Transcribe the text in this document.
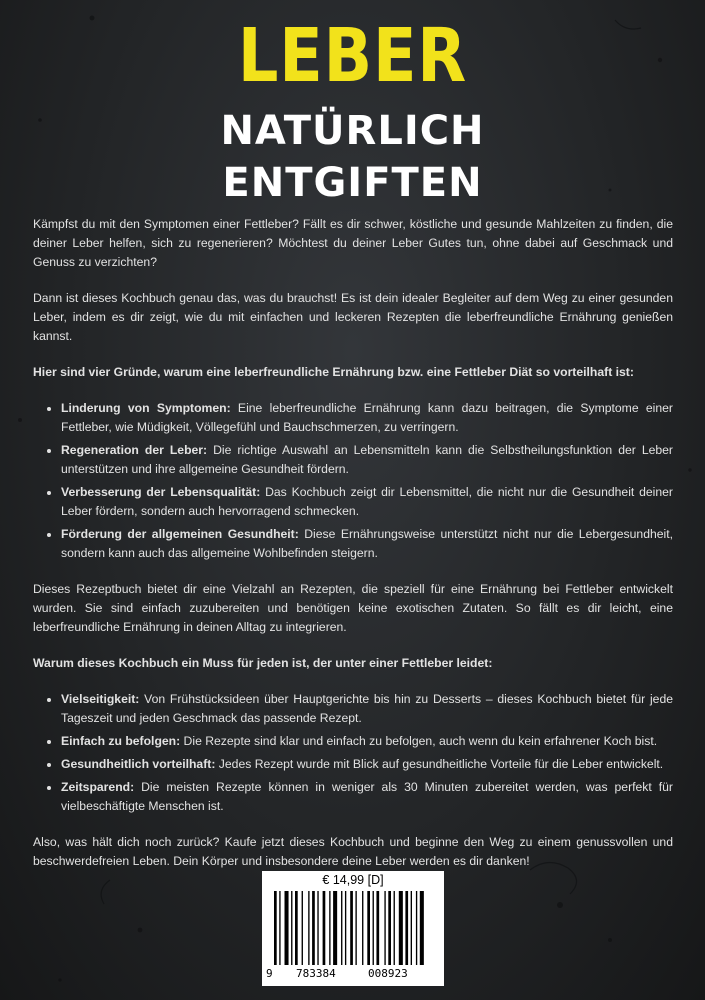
LEBER
NATÜRLICH
ENTGIFTEN

Kämpfst du mit den Symptomen einer Fettleber? Fällt es dir schwer, köstliche und gesunde Mahlzeiten zu finden, die deiner Leber helfen, sich zu regenerieren? Möchtest du deiner Leber Gutes tun, ohne dabei auf Geschmack und Genuss zu verzichten?

Dann ist dieses Kochbuch genau das, was du brauchst! Es ist dein idealer Begleiter auf dem Weg zu einer gesunden Leber, indem es dir zeigt, wie du mit einfachen und leckeren Rezepten die leberfreundliche Ernährung genießen kannst.

Hier sind vier Gründe, warum eine leberfreundliche Ernährung bzw. eine Fettleber Diät so vorteilhaft ist:

• Linderung von Symptomen: Eine leberfreundliche Ernährung kann dazu beitragen, die Symptome einer Fettleber, wie Müdigkeit, Völlegefühl und Bauchschmerzen, zu verringern.
• Regeneration der Leber: Die richtige Auswahl an Lebensmitteln kann die Selbstheilungsfunktion der Leber unterstützen und ihre allgemeine Gesundheit fördern.
• Verbesserung der Lebensqualität: Das Kochbuch zeigt dir Lebensmittel, die nicht nur die Gesundheit deiner Leber fördern, sondern auch hervorragend schmecken.
• Förderung der allgemeinen Gesundheit: Diese Ernährungsweise unterstützt nicht nur die Lebergesundheit, sondern kann auch das allgemeine Wohlbefinden steigern.

Dieses Rezeptbuch bietet dir eine Vielzahl an Rezepten, die speziell für eine Ernährung bei Fettleber entwickelt wurden. Sie sind einfach zuzubereiten und benötigen keine exotischen Zutaten. So fällt es dir leicht, eine leberfreundliche Ernährung in deinen Alltag zu integrieren.

Warum dieses Kochbuch ein Muss für jeden ist, der unter einer Fettleber leidet:

• Vielseitigkeit: Von Frühstücksideen über Hauptgerichte bis hin zu Desserts – dieses Kochbuch bietet für jede Tageszeit und jeden Geschmack das passende Rezept.
• Einfach zu befolgen: Die Rezepte sind klar und einfach zu befolgen, auch wenn du kein erfahrener Koch bist.
• Gesundheitlich vorteilhaft: Jedes Rezept wurde mit Blick auf gesundheitliche Vorteile für die Leber entwickelt.
• Zeitsparend: Die meisten Rezepte können in weniger als 30 Minuten zubereitet werden, was perfekt für vielbeschäftigte Menschen ist.

Also, was hält dich noch zurück? Kaufe jetzt dieses Kochbuch und beginne den Weg zu einem genussvollen und beschwerdefreien Leben. Dein Körper und insbesondere deine Leber werden es dir danken!

€ 14,99 [D]
9 783384	008923
